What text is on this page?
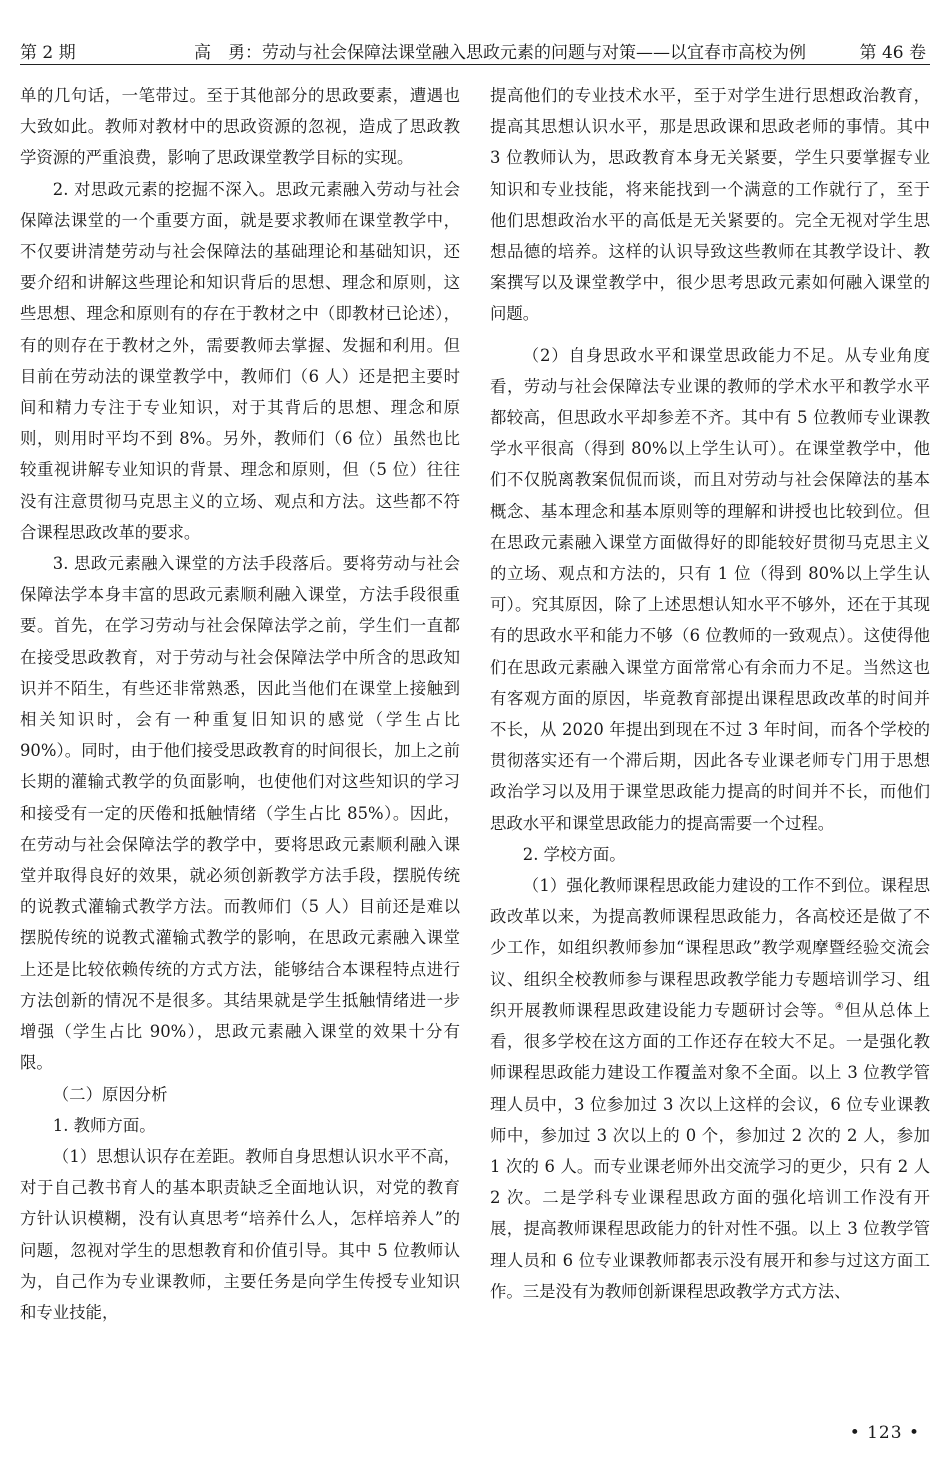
第 2 期	高　勇：劳动与社会保障法课堂融入思政元素的问题与对策——以宜春市高校为例	第 46 卷

单的几句话，一笔带过。至于其他部分的思政要素，遭遇也大致如此。教师对教材中的思政资源的忽视，造成了思政教学资源的严重浪费，影响了思政课堂教学目标的实现。

2. 对思政元素的挖掘不深入。思政元素融入劳动与社会保障法课堂的一个重要方面，就是要求教师在课堂教学中，不仅要讲清楚劳动与社会保障法的基础理论和基础知识，还要介绍和讲解这些理论和知识背后的思想、理念和原则，这些思想、理念和原则有的存在于教材之中（即教材已论述），有的则存在于教材之外，需要教师去掌握、发掘和利用。但目前在劳动法的课堂教学中，教师们（6 人）还是把主要时间和精力专注于专业知识，对于其背后的思想、理念和原则，则用时平均不到 8%。另外，教师们（6 位）虽然也比较重视讲解专业知识的背景、理念和原则，但（5 位）往往没有注意贯彻马克思主义的立场、观点和方法。这些都不符合课程思政改革的要求。

3. 思政元素融入课堂的方法手段落后。要将劳动与社会保障法学本身丰富的思政元素顺利融入课堂，方法手段很重要。首先，在学习劳动与社会保障法学之前，学生们一直都在接受思政教育，对于劳动与社会保障法学中所含的思政知识并不陌生，有些还非常熟悉，因此当他们在课堂上接触到相关知识时，会有一种重复旧知识的感觉（学生占比 90%）。同时，由于他们接受思政教育的时间很长，加上之前长期的灌输式教学的负面影响，也使他们对这些知识的学习和接受有一定的厌倦和抵触情绪（学生占比 85%）。因此，在劳动与社会保障法学的教学中，要将思政元素顺利融入课堂并取得良好的效果，就必须创新教学方法手段，摆脱传统的说教式灌输式教学方法。而教师们（5 人）目前还是难以摆脱传统的说教式灌输式教学的影响，在思政元素融入课堂上还是比较依赖传统的方式方法，能够结合本课程特点进行方法创新的情况不是很多。其结果就是学生抵触情绪进一步增强（学生占比 90%），思政元素融入课堂的效果十分有限。

（二）原因分析

1. 教师方面。

（1）思想认识存在差距。教师自身思想认识水平不高，对于自己教书育人的基本职责缺乏全面地认识，对党的教育方针认识模糊，没有认真思考“培养什么人，怎样培养人”的问题，忽视对学生的思想教育和价值引导。其中 5 位教师认为，自己作为专业课教师，主要任务是向学生传授专业知识和专业技能，

提高他们的专业技术水平，至于对学生进行思想政治教育，提高其思想认识水平，那是思政课和思政老师的事情。其中 3 位教师认为，思政教育本身无关紧要，学生只要掌握专业知识和专业技能，将来能找到一个满意的工作就行了，至于他们思想政治水平的高低是无关紧要的。完全无视对学生思想品德的培养。这样的认识导致这些教师在其教学设计、教案撰写以及课堂教学中，很少思考思政元素如何融入课堂的问题。

（2）自身思政水平和课堂思政能力不足。从专业角度看，劳动与社会保障法专业课的教师的学术水平和教学水平都较高，但思政水平却参差不齐。其中有 5 位教师专业课教学水平很高（得到 80%以上学生认可）。在课堂教学中，他们不仅脱离教案侃侃而谈，而且对劳动与社会保障法的基本概念、基本理念和基本原则等的理解和讲授也比较到位。但在思政元素融入课堂方面做得好的即能较好贯彻马克思主义的立场、观点和方法的，只有 1 位（得到 80%以上学生认可）。究其原因，除了上述思想认知水平不够外，还在于其现有的思政水平和能力不够（6 位教师的一致观点）。这使得他们在思政元素融入课堂方面常常心有余而力不足。当然这也有客观方面的原因，毕竟教育部提出课程思政改革的时间并不长，从 2020 年提出到现在不过 3 年时间，而各个学校的贯彻落实还有一个滞后期，因此各专业课老师专门用于思想政治学习以及用于课堂思政能力提高的时间并不长，而他们思政水平和课堂思政能力的提高需要一个过程。

2. 学校方面。

（1）强化教师课程思政能力建设的工作不到位。课程思政改革以来，为提高教师课程思政能力，各高校还是做了不少工作，如组织教师参加“课程思政”教学观摩暨经验交流会议、组织全校教师参与课程思政教学能力专题培训学习、组织开展教师课程思政建设能力专题研讨会等。④但从总体上看，很多学校在这方面的工作还存在较大不足。一是强化教师课程思政能力建设工作覆盖对象不全面。以上 3 位教学管理人员中，3 位参加过 3 次以上这样的会议，6 位专业课教师中，参加过 3 次以上的 0 个，参加过 2 次的 2 人，参加 1 次的 6 人。而专业课老师外出交流学习的更少，只有 2 人 2 次。二是学科专业课程思政方面的强化培训工作没有开展，提高教师课程思政能力的针对性不强。以上 3 位教学管理人员和 6 位专业课教师都表示没有展开和参与过这方面工作。三是没有为教师创新课程思政教学方式方法、

• 123 •
